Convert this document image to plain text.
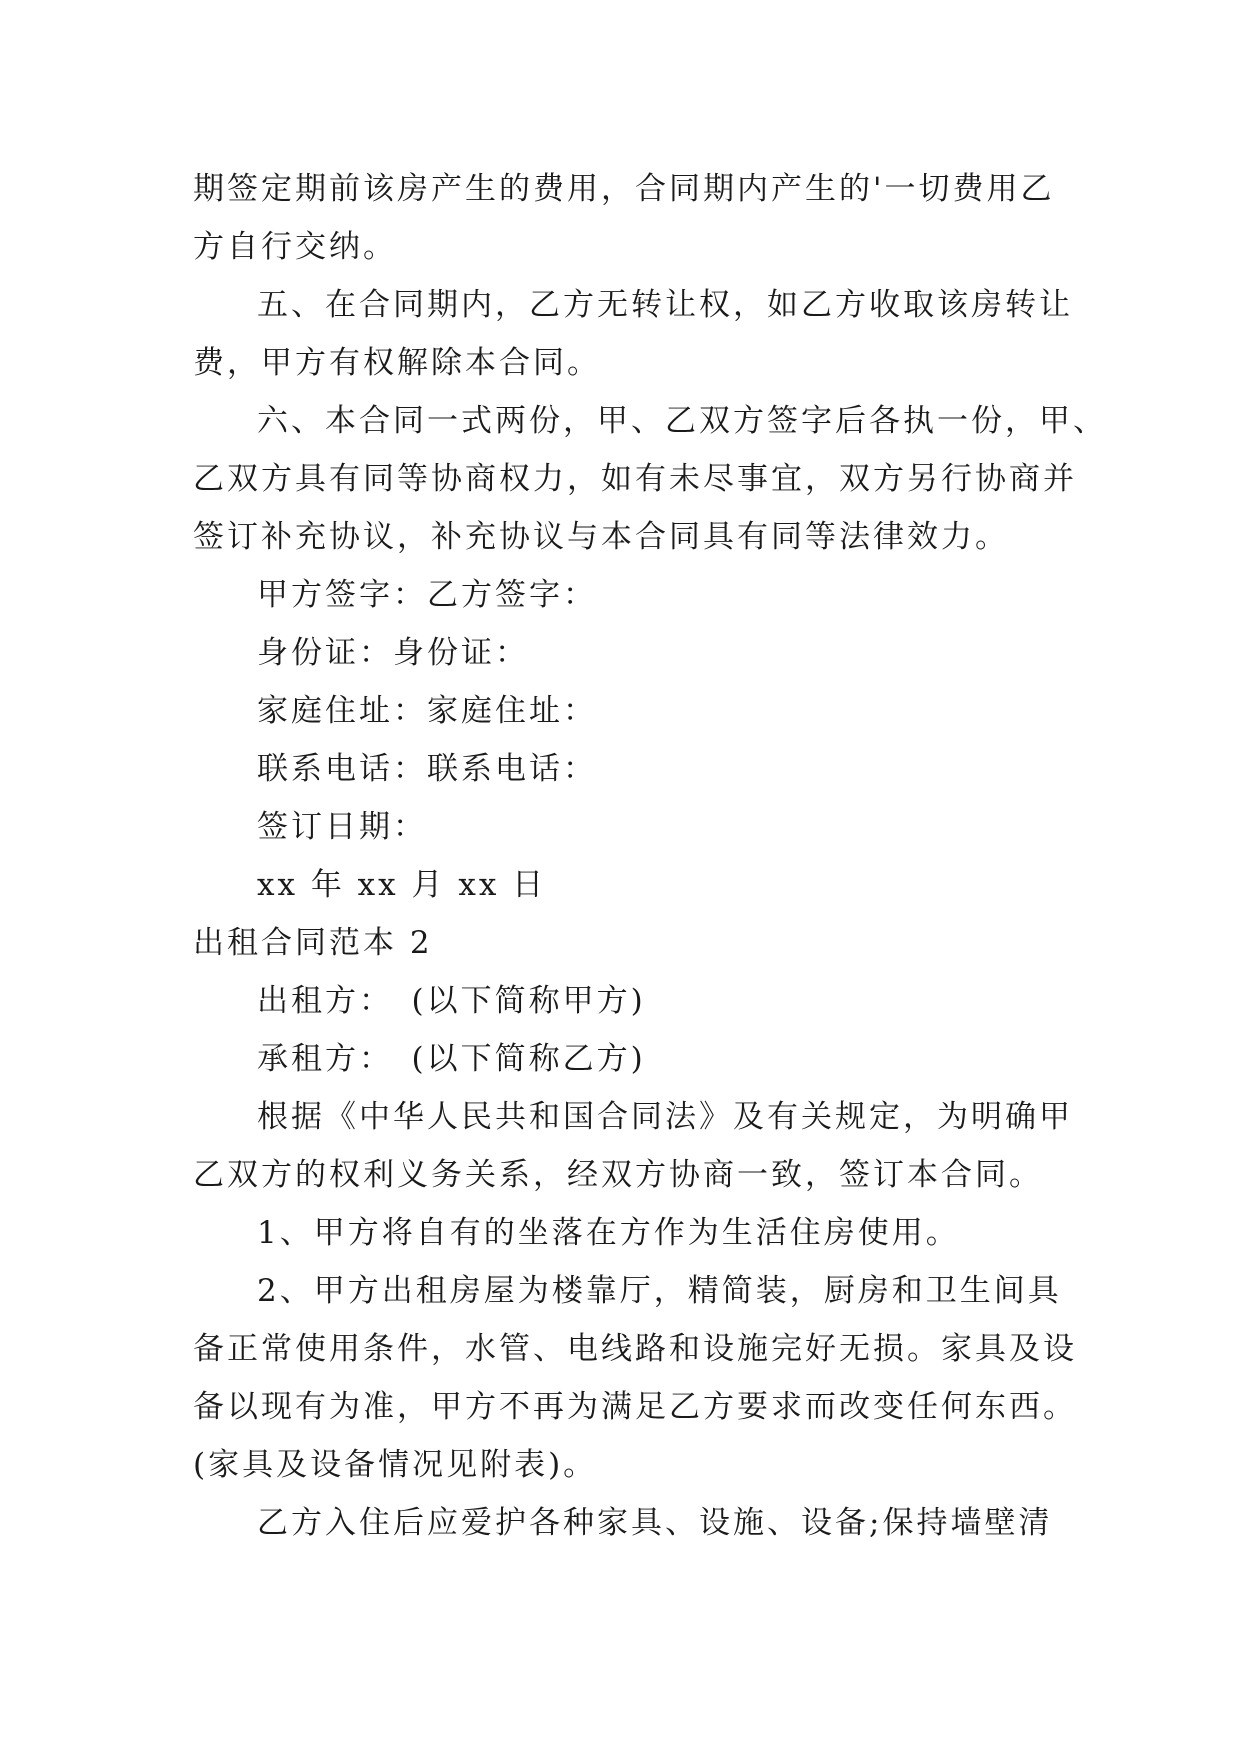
期签定期前该房产生的费用，合同期内产生的'一切费用乙
方自行交纳。
五、在合同期内，乙方无转让权，如乙方收取该房转让
费，甲方有权解除本合同。
六、本合同一式两份，甲、乙双方签字后各执一份，甲、
乙双方具有同等协商权力，如有未尽事宜，双方另行协商并
签订补充协议，补充协议与本合同具有同等法律效力。
甲方签字：乙方签字：
身份证：身份证：
家庭住址：家庭住址：
联系电话：联系电话：
签订日期：
xx 年 xx 月 xx 日
出租合同范本 2
出租方：　(以下简称甲方)
承租方：　(以下简称乙方)
根据《中华人民共和国合同法》及有关规定，为明确甲
乙双方的权利义务关系，经双方协商一致，签订本合同。
1、甲方将自有的坐落在方作为生活住房使用。
2、甲方出租房屋为楼靠厅，精简装，厨房和卫生间具
备正常使用条件，水管、电线路和设施完好无损。家具及设
备以现有为准，甲方不再为满足乙方要求而改变任何东西。
(家具及设备情况见附表)。
乙方入住后应爱护各种家具、设施、设备;保持墙壁清
